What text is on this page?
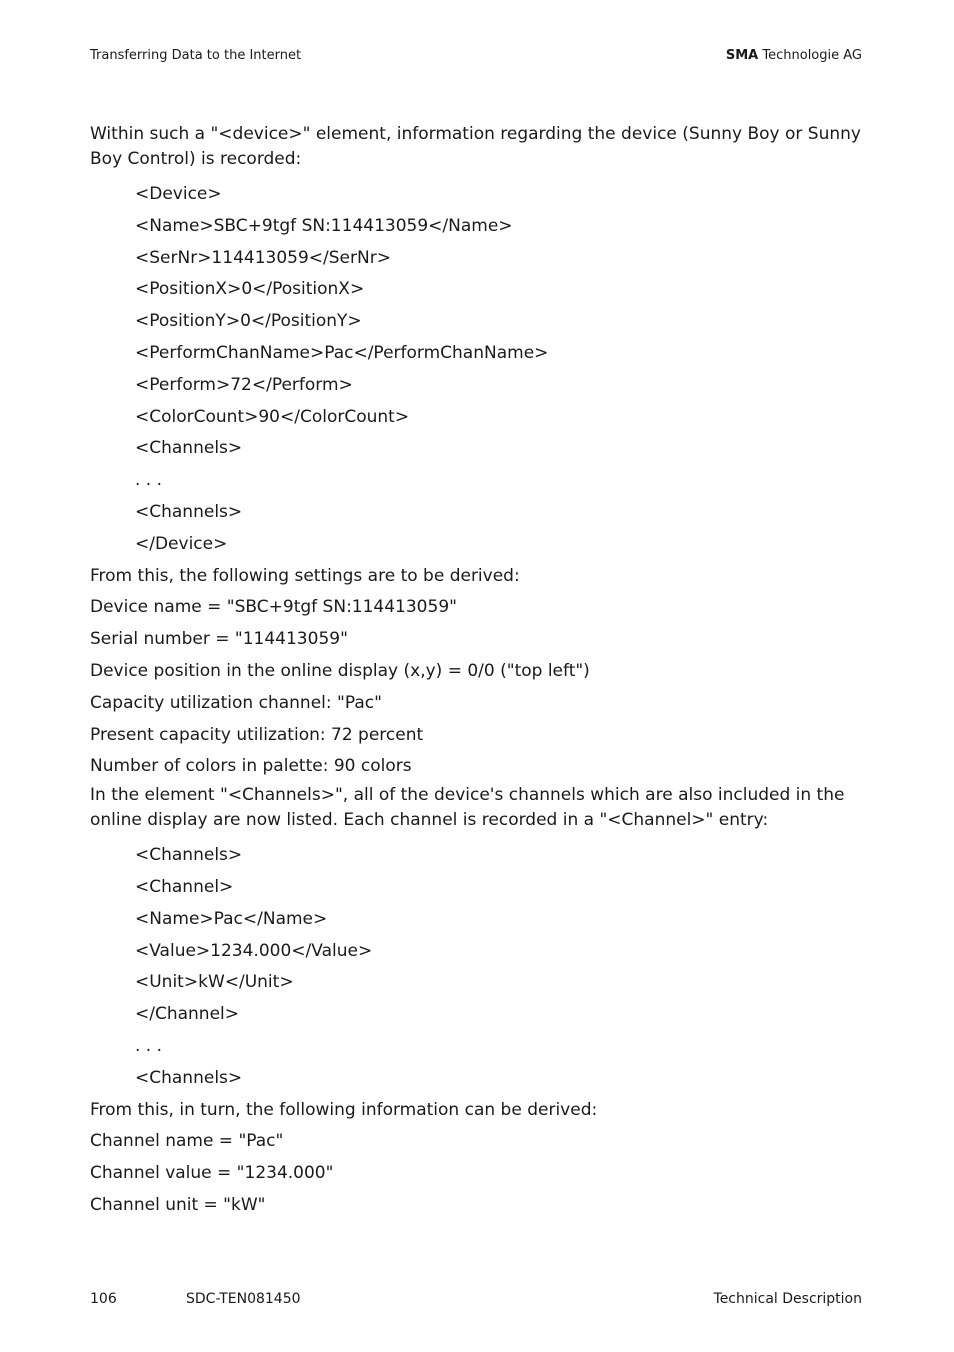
Transferring Data to the Internet	SMA Technologie AG

Within such a "<device>" element, information regarding the device (Sunny Boy or Sunny Boy Control) is recorded:

<Device>

<Name>SBC+9tgf SN:114413059</Name>

<SerNr>114413059</SerNr>

<PositionX>0</PositionX>

<PositionY>0</PositionY>

<PerformChanName>Pac</PerformChanName>

<Perform>72</Perform>

<ColorCount>90</ColorCount>

<Channels>

. . .

<Channels>

</Device>

From this, the following settings are to be derived:

Device name = "SBC+9tgf SN:114413059"

Serial number = "114413059"

Device position in the online display (x,y) = 0/0 ("top left")

Capacity utilization channel: "Pac"

Present capacity utilization: 72 percent

Number of colors in palette: 90 colors

In the element "<Channels>", all of the device's channels which are also included in the online display are now listed. Each channel is recorded in a "<Channel>" entry:

<Channels>

<Channel>

<Name>Pac</Name>

<Value>1234.000</Value>

<Unit>kW</Unit>

</Channel>

. . .

<Channels>

From this, in turn, the following information can be derived:

Channel name = "Pac"

Channel value = "1234.000"

Channel unit = "kW"

106	SDC-TEN081450	Technical Description
